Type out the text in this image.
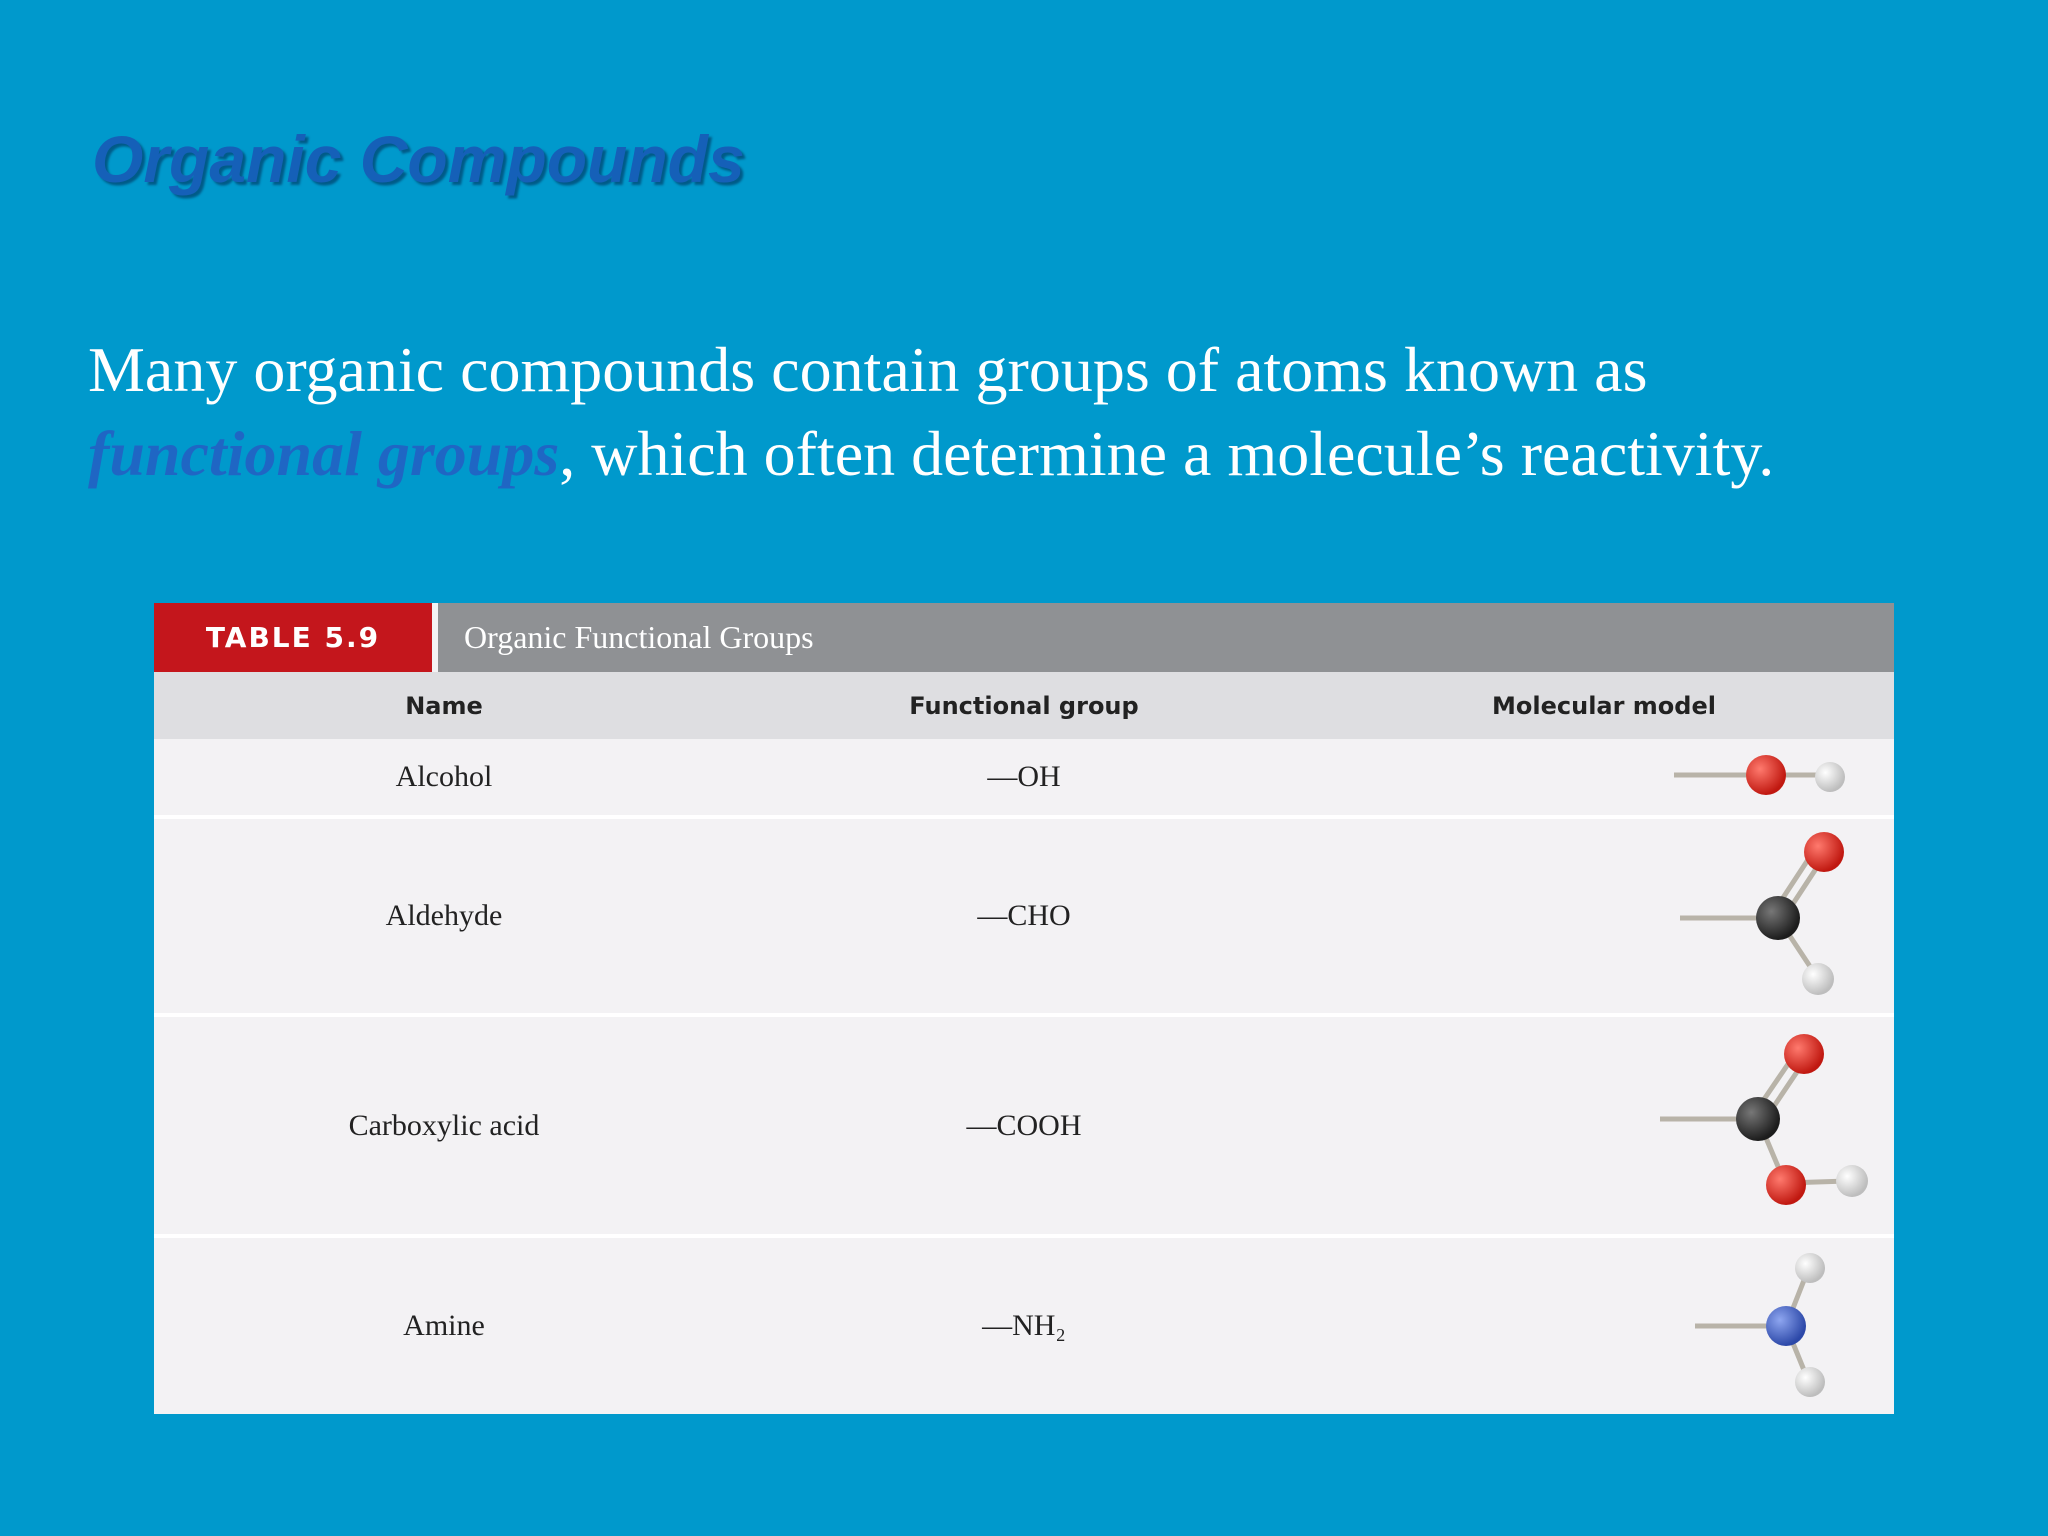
Organic Compounds

Many organic compounds contain groups of atoms known as
functional groups, which often determine a molecule’s reactivity.

TABLE 5.9	Organic Functional Groups
Name	Functional group	Molecular model
Alcohol	—OH
Aldehyde	—CHO
Carboxylic acid	—COOH
Amine	—NH₂
